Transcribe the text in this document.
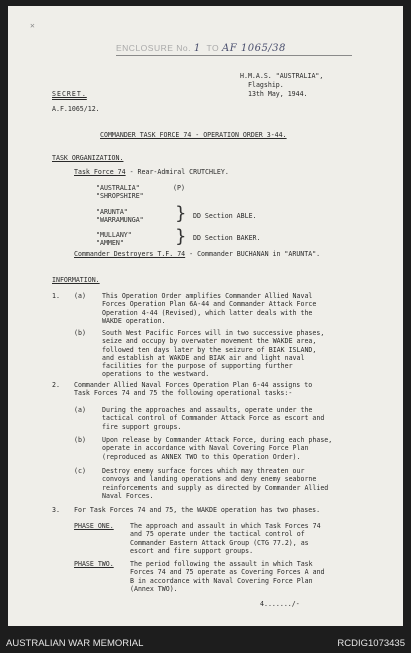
✕
ENCLOSURE No. 1 TO AF 1065/38
H.M.A.S. "AUSTRALIA",
Flagship.
13th May, 1944.
SECRET.
A.F.1065/12.
COMMANDER TASK FORCE 74 - OPERATION ORDER 3-44.
TASK ORGANIZATION.
Task Force 74 - Rear-Admiral CRUTCHLEY.
"AUSTRALIA"
"SHROPSHIRE"
(P)
"ARUNTA"
"WARRAMUNGA" } DD Section ABLE.
"MULLANY"
"AMMEN"	} DD Section BAKER.
Commander Destroyers T.F. 74 - Commander BUCHANAN in "ARUNTA".
INFORMATION.
1. (a) This Operation Order amplifies Commander Allied Naval
Forces Operation Plan 6A-44 and Commander Attack Force
Operation 4-44 (Revised), which latter deals with the
WAKDE operation.
(b) South West Pacific Forces will in two successive phases,
seize and occupy by overwater movement the WAKDE area,
followed ten days later by the seizure of BIAK ISLAND,
and establish at WAKDE and BIAK air and light naval
facilities for the purpose of supporting further
operations to the westward.
2. Commander Allied Naval Forces Operation Plan 6-44 assigns to
Task Forces 74 and 75 the following operational tasks:-
(a) During the approaches and assaults, operate under the
tactical control of Commander Attack Force as escort and
fire support groups.
(b) Upon release by Commander Attack Force, during each phase,
operate in accordance with Naval Covering Force Plan
(reproduced as ANNEX TWO to this Operation Order).
(c) Destroy enemy surface forces which may threaten our
convoys and landing operations and deny enemy seaborne
reinforcements and supply as directed by Commander Allied
Naval Forces.
3. For Task Forces 74 and 75, the WAKDE operation has two phases.
PHASE ONE. The approach and assault in which Task Forces 74
and 75 operate under the tactical control of
Commander Eastern Attack Group (CTG 77.2), as
escort and fire support groups.
PHASE TWO. The period following the assault in which Task
Forces 74 and 75 operate as Covering Forces A and
B in accordance with Naval Covering Force Plan
(Annex TWO).
4......./-
AUSTRALIAN WAR MEMORIAL	RCDIG1073435
